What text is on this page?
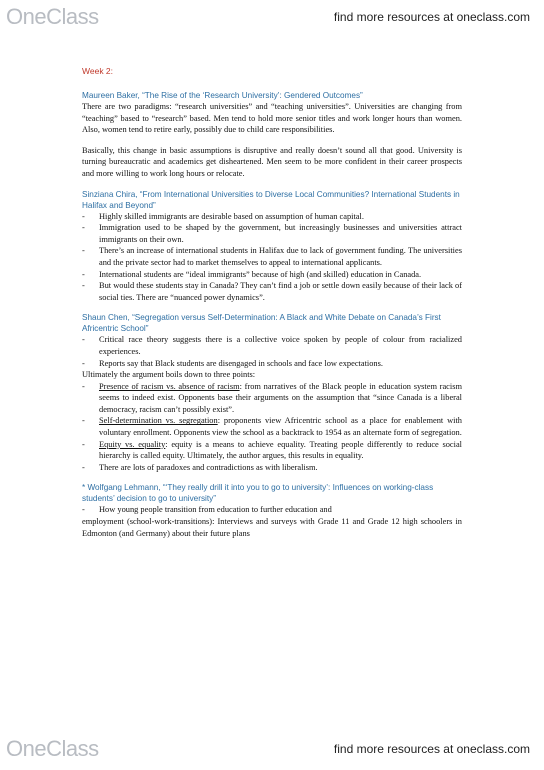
OneClass	find more resources at oneclass.com

Week 2:

Maureen Baker, “The Rise of the ‘Research University’: Gendered Outcomes”

There are two paradigms: “research universities” and “teaching universities”. Universities are changing from “teaching” based to “research” based. Men tend to hold more senior titles and work longer hours than women. Also, women tend to retire early, possibly due to child care responsibilities.

Basically, this change in basic assumptions is disruptive and really doesn’t sound all that good. University is turning bureaucratic and academics get disheartened. Men seem to be more confident in their career prospects and more willing to work long hours or relocate.

Sinziana Chira, “From International Universities to Diverse Local Communities? International Students in Halifax and Beyond”

- Highly skilled immigrants are desirable based on assumption of human capital.
- Immigration used to be shaped by the government, but increasingly businesses and universities attract immigrants on their own.
- There’s an increase of international students in Halifax due to lack of government funding. The universities and the private sector had to market themselves to appeal to international applicants.
- International students are “ideal immigrants” because of high (and skilled) education in Canada.
- But would these students stay in Canada? They can’t find a job or settle down easily because of their lack of social ties. There are “nuanced power dynamics”.

Shaun Chen, “Segregation versus Self-Determination: A Black and White Debate on Canada’s First Africentric School”

- Critical race theory suggests there is a collective voice spoken by people of colour from racialized experiences.
- Reports say that Black students are disengaged in schools and face low expectations.

Ultimately the argument boils down to three points:

- Presence of racism vs. absence of racism: from narratives of the Black people in education system racism seems to indeed exist. Opponents base their arguments on the assumption that “since Canada is a liberal democracy, racism can’t possibly exist”.
- Self-determination vs. segregation: proponents view Africentric school as a place for enablement with voluntary enrollment. Opponents view the school as a backtrack to 1954 as an alternate form of segregation.
- Equity vs. equality: equity is a means to achieve equality. Treating people differently to reduce social hierarchy is called equity. Ultimately, the author argues, this results in equality.
- There are lots of paradoxes and contradictions as with liberalism.

* Wolfgang Lehmann, “‘They really drill it into you to go to university’: Influences on working-class students’ decision to go to university”

- How young people transition from education to further education and

employment (school-work-transitions): Interviews and surveys with Grade 11 and Grade 12 high schoolers in Edmonton (and Germany) about their future plans

OneClass	find more resources at oneclass.com
